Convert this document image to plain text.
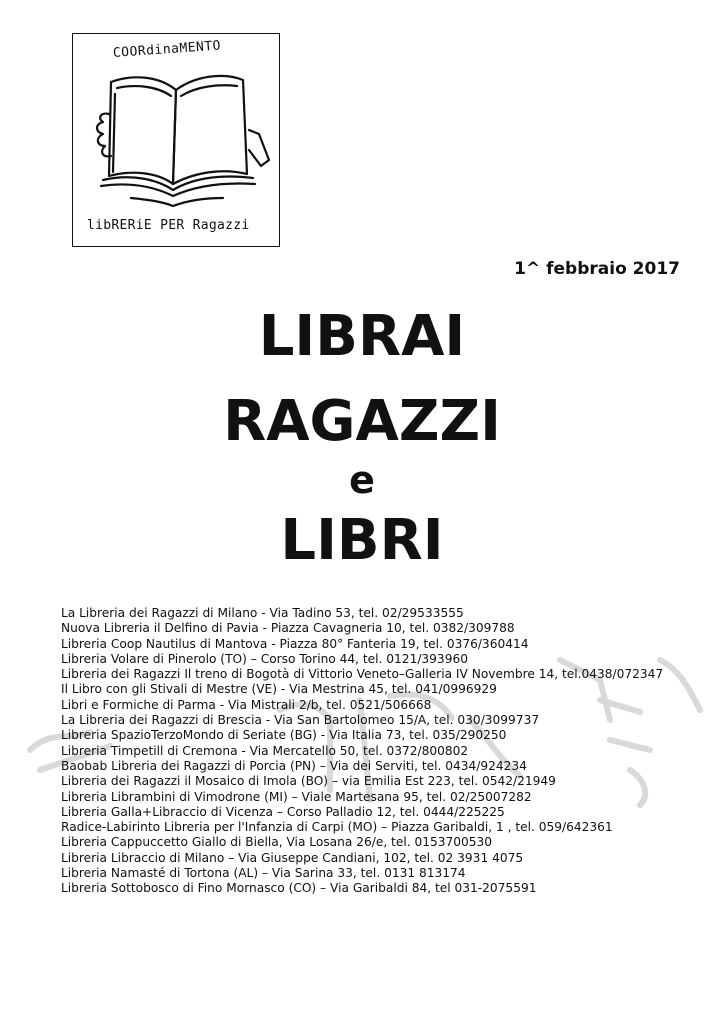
COORdinaMENTO
libRERiE PER Ragazzi
1^ febbraio 2017
LIBRAI
RAGAZZI
e
LIBRI
La Libreria dei Ragazzi di Milano - Via Tadino 53, tel. 02/29533555
Nuova Libreria il Delfino di Pavia - Piazza Cavagneria 10, tel. 0382/309788
Libreria Coop Nautilus di Mantova - Piazza 80° Fanteria 19, tel. 0376/360414
Libreria Volare di Pinerolo (TO) – Corso Torino 44, tel. 0121/393960
Libreria dei Ragazzi Il treno di Bogotà di Vittorio Veneto–Galleria IV Novembre 14, tel.0438/072347
Il Libro con gli Stivali di Mestre (VE) - Via Mestrina 45, tel. 041/0996929
Libri e Formiche di Parma - Via Mistrali 2/b, tel. 0521/506668
La Libreria dei Ragazzi di Brescia - Via San Bartolomeo 15/A, tel. 030/3099737
Libreria SpazioTerzoMondo di Seriate (BG) - Via Italia 73, tel. 035/290250
Libreria Timpetill di Cremona - Via Mercatello 50, tel. 0372/800802
Baobab Libreria dei Ragazzi di Porcia (PN) – Via dei Serviti, tel. 0434/924234
Libreria dei Ragazzi il Mosaico di Imola (BO) – via Emilia Est 223, tel. 0542/21949
Libreria Librambini di Vimodrone (MI) – Viale Martesana 95, tel. 02/25007282
Libreria Galla+Libraccio di Vicenza – Corso Palladio 12, tel. 0444/225225
Radice-Labirinto Libreria per l'Infanzia di Carpi (MO) – Piazza Garibaldi, 1 , tel. 059/642361
Libreria Cappuccetto Giallo di Biella, Via Losana 26/e, tel. 0153700530
Libreria Libraccio di Milano – Via Giuseppe Candiani, 102, tel. 02 3931 4075
Libreria Namasté di Tortona (AL) – Via Sarina 33, tel. 0131 813174
Libreria Sottobosco di Fino Mornasco (CO) – Via Garibaldi 84, tel 031-2075591
